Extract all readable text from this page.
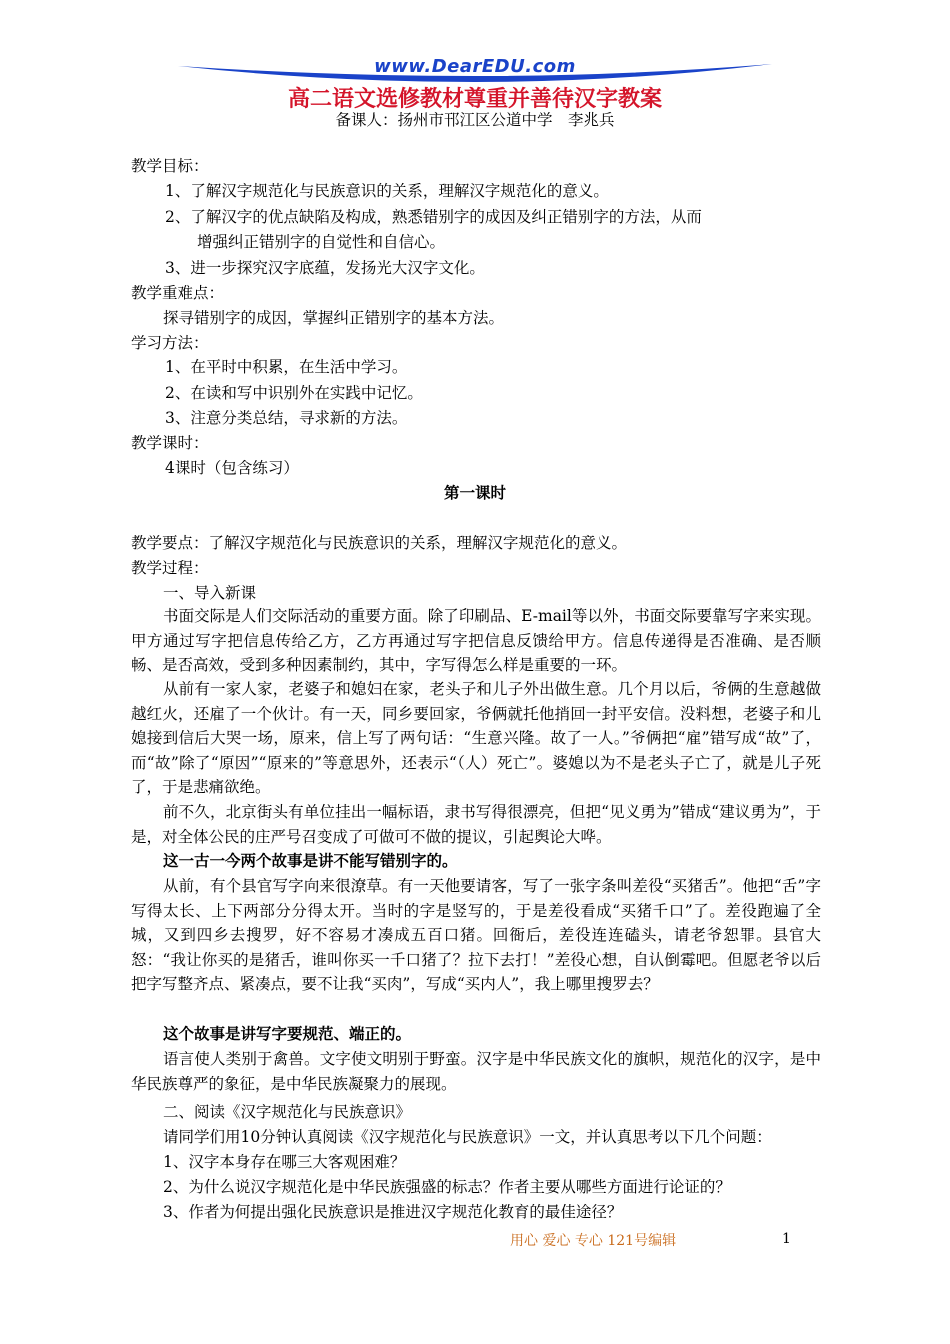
www.DearEDU.com
高二语文选修教材尊重并善待汉字教案
备课人：扬州市邗江区公道中学　李兆兵
教学目标：
1、了解汉字规范化与民族意识的关系，理解汉字规范化的意义。
2、了解汉字的优点缺陷及构成，熟悉错别字的成因及纠正错别字的方法，从而
增强纠正错别字的自觉性和自信心。
3、进一步探究汉字底蕴，发扬光大汉字文化。
教学重难点：
探寻错别字的成因，掌握纠正错别字的基本方法。
学习方法：
1、在平时中积累，在生活中学习。
2、在读和写中识别外在实践中记忆。
3、注意分类总结，寻求新的方法。
教学课时：
4课时（包含练习）
第一课时
教学要点：了解汉字规范化与民族意识的关系，理解汉字规范化的意义。
教学过程：
一、导入新课
书面交际是人们交际活动的重要方面。除了印刷品、E-mail等以外，书面交际要靠写字来实现。甲方通过写字把信息传给乙方，乙方再通过写字把信息反馈给甲方。信息传递得是否准确、是否顺畅、是否高效，受到多种因素制约，其中，字写得怎么样是重要的一环。
从前有一家人家，老婆子和媳妇在家，老头子和儿子外出做生意。几个月以后，爷俩的生意越做越红火，还雇了一个伙计。有一天，同乡要回家，爷俩就托他捎回一封平安信。没料想，老婆子和儿媳接到信后大哭一场，原来，信上写了两句话：“生意兴隆。故了一人。”爷俩把“雇”错写成“故”了，而“故”除了“原因”“原来的”等意思外，还表示“（人）死亡”。婆媳以为不是老头子亡了，就是儿子死了，于是悲痛欲绝。
前不久，北京街头有单位挂出一幅标语，隶书写得很漂亮，但把“见义勇为”错成“建议勇为”，于是，对全体公民的庄严号召变成了可做可不做的提议，引起舆论大哗。
这一古一今两个故事是讲不能写错别字的。
从前，有个县官写字向来很潦草。有一天他要请客，写了一张字条叫差役“买猪舌”。他把“舌”字写得太长、上下两部分分得太开。当时的字是竖写的，于是差役看成“买猪千口”了。差役跑遍了全城，又到四乡去搜罗，好不容易才凑成五百口猪。回衙后，差役连连磕头，请老爷恕罪。县官大怒：“我让你买的是猪舌，谁叫你买一千口猪了？拉下去打！”差役心想，自认倒霉吧。但愿老爷以后把字写整齐点、紧凑点，要不让我“买肉”，写成“买内人”，我上哪里搜罗去？
这个故事是讲写字要规范、端正的。
语言使人类别于禽兽。文字使文明别于野蛮。汉字是中华民族文化的旗帜，规范化的汉字，是中华民族尊严的象征，是中华民族凝聚力的展现。
二、阅读《汉字规范化与民族意识》
请同学们用10分钟认真阅读《汉字规范化与民族意识》一文，并认真思考以下几个问题：
1、汉字本身存在哪三大客观困难？
2、为什么说汉字规范化是中华民族强盛的标志？作者主要从哪些方面进行论证的？
3、作者为何提出强化民族意识是推进汉字规范化教育的最佳途径？
用心 爱心 专心 121号编辑	1
